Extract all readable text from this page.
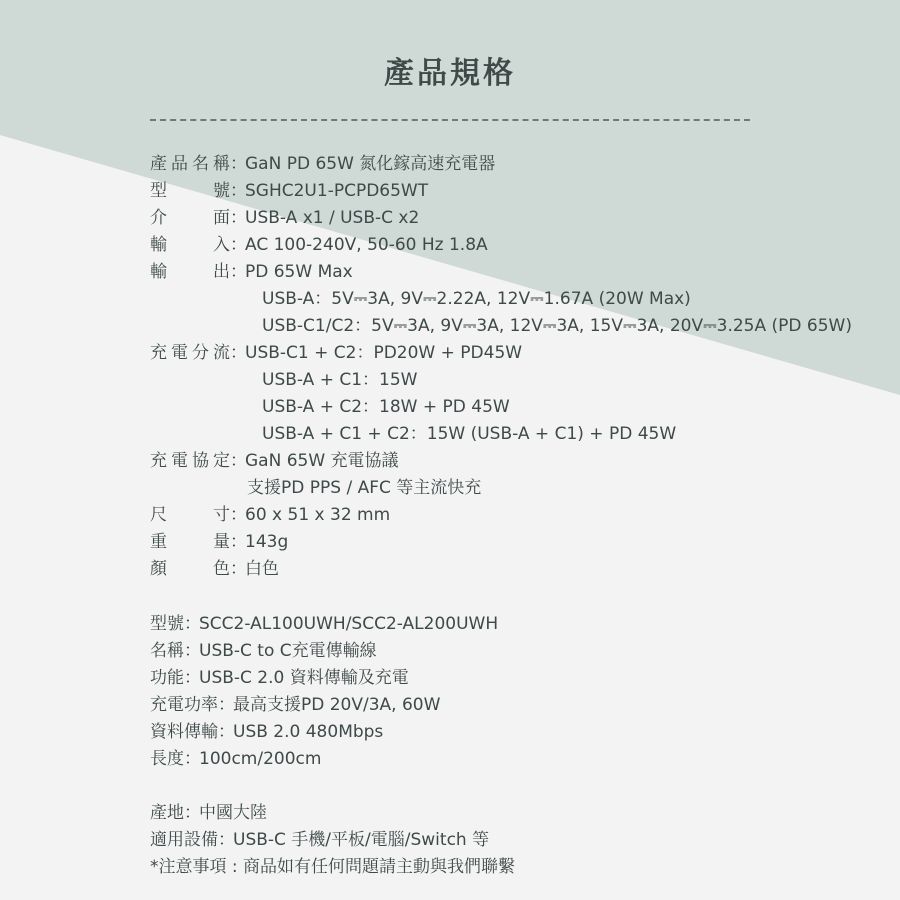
產品規格
產品名稱：GaN PD 65W 氮化鎵高速充電器
型號：SGHC2U1-PCPD65WT
介面：USB-A x1 / USB-C x2
輸入：AC 100-240V, 50-60 Hz 1.8A
輸出：PD 65W Max
USB-A：5V⎓3A, 9V⎓2.22A, 12V⎓1.67A (20W Max)
USB-C1/C2：5V⎓3A, 9V⎓3A, 12V⎓3A, 15V⎓3A, 20V⎓3.25A (PD 65W)
充電分流：USB-C1 + C2：PD20W + PD45W
USB-A + C1：15W
USB-A + C2：18W + PD 45W
USB-A + C1 + C2：15W (USB-A + C1) + PD 45W
充電協定：GaN 65W 充電協議
支援PD PPS / AFC 等主流快充
尺寸：60 x 51 x 32 mm
重量：143g
顏色：白色
型號：SCC2-AL100UWH/SCC2-AL200UWH
名稱：USB-C to C充電傳輸線
功能：USB-C 2.0 資料傳輸及充電
充電功率：最高支援PD 20V/3A, 60W
資料傳輸：USB 2.0 480Mbps
長度：100cm/200cm
產地：中國大陸
適用設備：USB-C 手機/平板/電腦/Switch 等
*注意事項 : 商品如有任何問題請主動與我們聯繫
